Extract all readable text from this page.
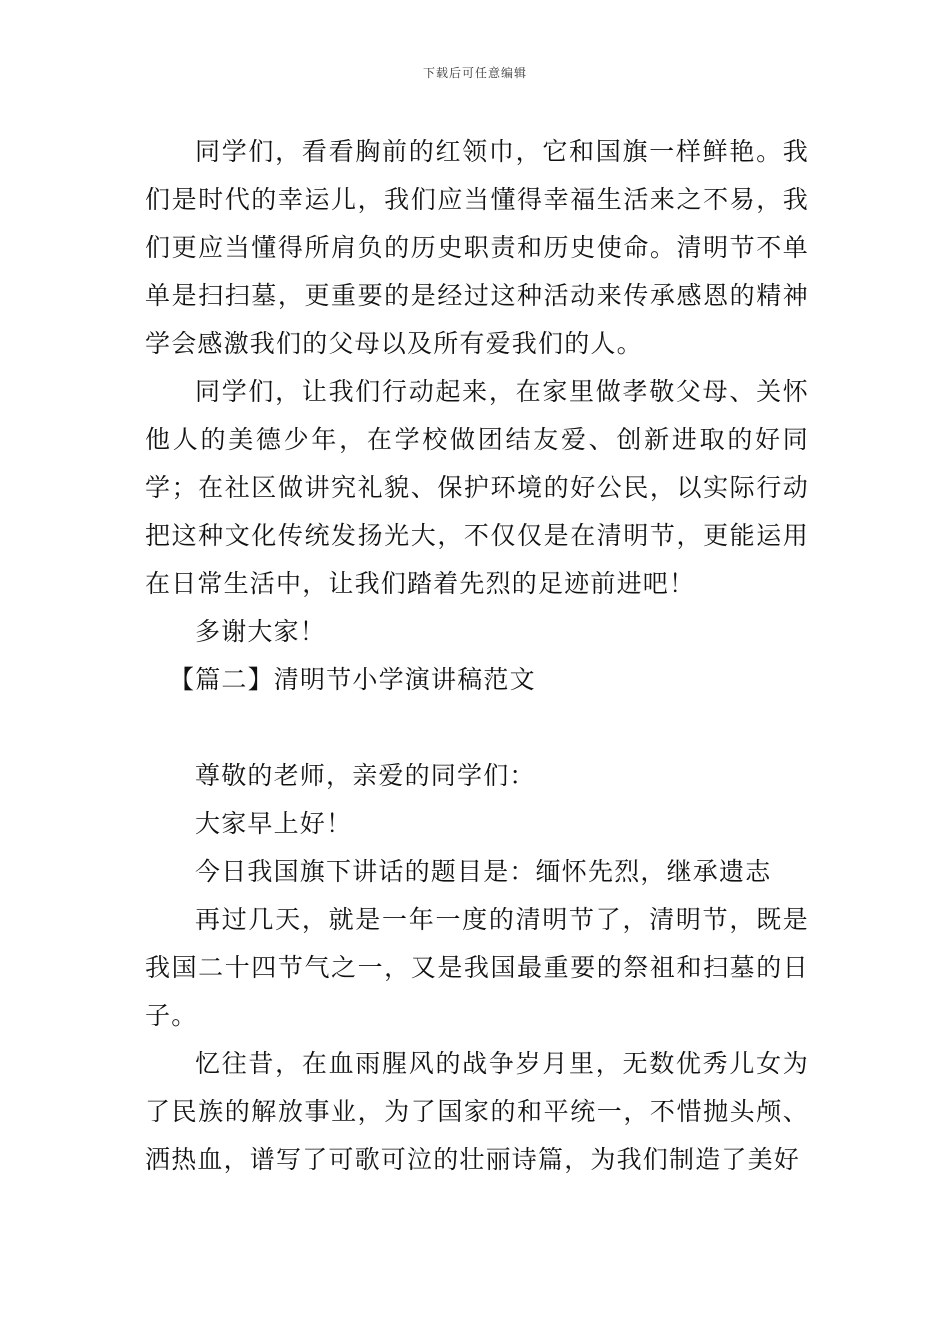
下载后可任意编辑

同学们，看看胸前的红领巾，它和国旗一样鲜艳。我们是时代的幸运儿，我们应当懂得幸福生活来之不易，我们更应当懂得所肩负的历史职责和历史使命。清明节不单单是扫扫墓，更重要的是经过这种活动来传承感恩的精神学会感激我们的父母以及所有爱我们的人。

同学们，让我们行动起来，在家里做孝敬父母、关怀他人的美德少年，在学校做团结友爱、创新进取的好同学；在社区做讲究礼貌、保护环境的好公民，以实际行动把这种文化传统发扬光大，不仅仅是在清明节，更能运用在日常生活中，让我们踏着先烈的足迹前进吧！

多谢大家！

【篇二】清明节小学演讲稿范文

尊敬的老师，亲爱的同学们：

大家早上好！

今日我国旗下讲话的题目是：缅怀先烈，继承遗志

再过几天，就是一年一度的清明节了，清明节，既是我国二十四节气之一，又是我国最重要的祭祖和扫墓的日子。

忆往昔，在血雨腥风的战争岁月里，无数优秀儿女为了民族的解放事业，为了国家的和平统一，不惜抛头颅、洒热血，谱写了可歌可泣的壮丽诗篇，为我们制造了美好
